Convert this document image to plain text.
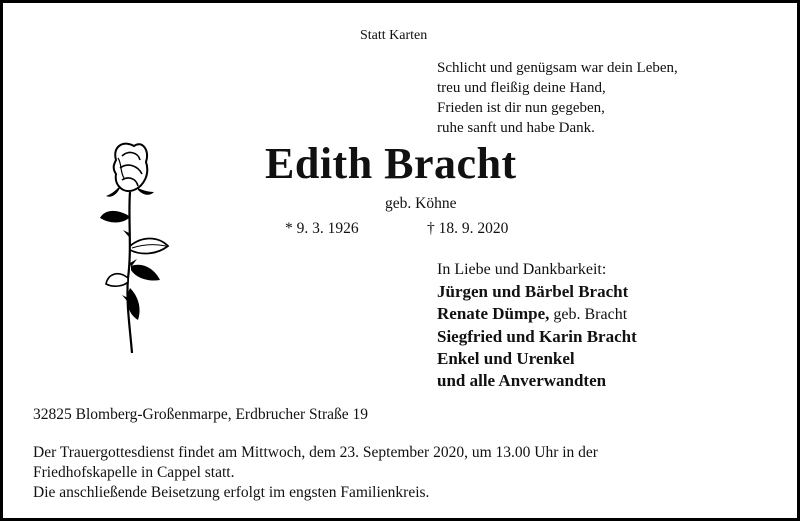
Statt Karten
Schlicht und genügsam war dein Leben,
treu und fleißig deine Hand,
Frieden ist dir nun gegeben,
ruhe sanft und habe Dank.
Edith Bracht
geb. Köhne
* 9. 3. 1926	† 18. 9. 2020
In Liebe und Dankbarkeit:
Jürgen und Bärbel Bracht
Renate Dümpe, geb. Bracht
Siegfried und Karin Bracht
Enkel und Urenkel
und alle Anverwandten
32825 Blomberg-Großenmarpe, Erdbrucher Straße 19
Der Trauergottesdienst findet am Mittwoch, dem 23. September 2020, um 13.00 Uhr in der
Friedhofskapelle in Cappel statt.
Die anschließende Beisetzung erfolgt im engsten Familienkreis.
